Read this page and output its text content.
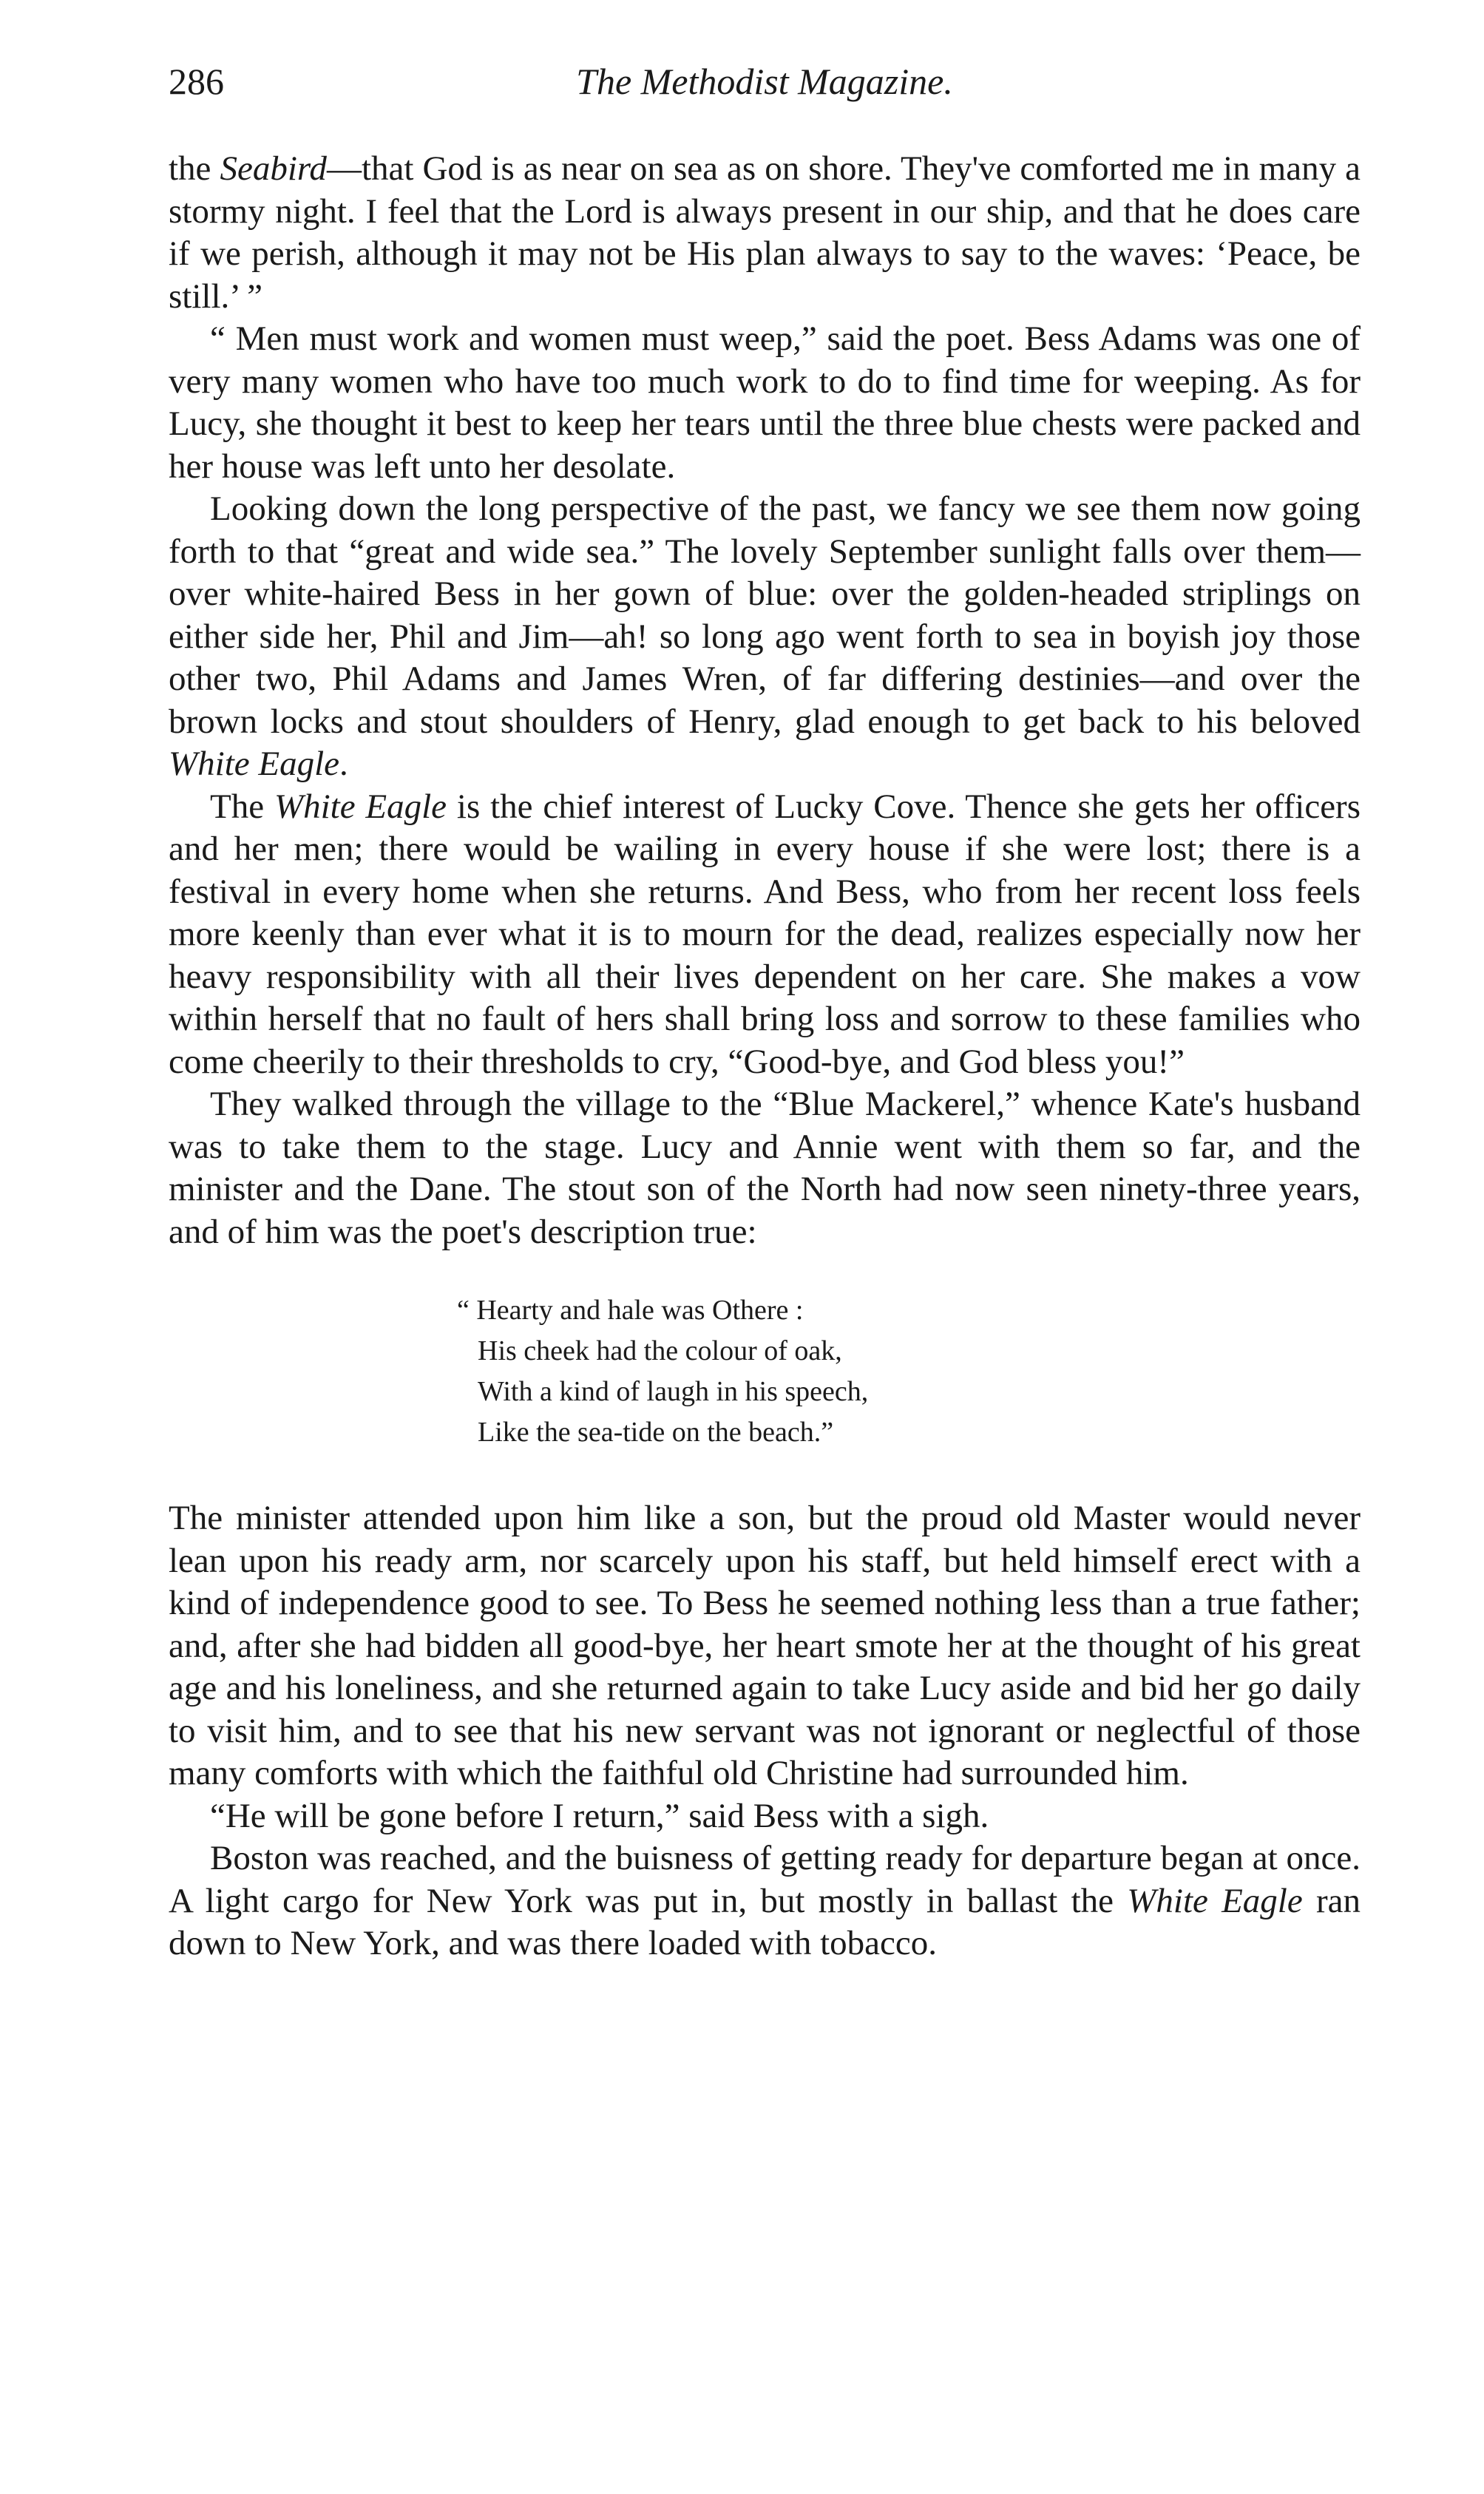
286	The Methodist Magazine.

the Seabird—that God is as near on sea as on shore. They've comforted me in many a stormy night. I feel that the Lord is always present in our ship, and that he does care if we perish, although it may not be His plan always to say to the waves: ‘Peace, be still.’ ”

“ Men must work and women must weep,” said the poet. Bess Adams was one of very many women who have too much work to do to find time for weeping. As for Lucy, she thought it best to keep her tears until the three blue chests were packed and her house was left unto her desolate.

Looking down the long perspective of the past, we fancy we see them now going forth to that “great and wide sea.” The lovely September sunlight falls over them—over white-haired Bess in her gown of blue: over the golden-headed striplings on either side her, Phil and Jim—ah! so long ago went forth to sea in boyish joy those other two, Phil Adams and James Wren, of far differing destinies—and over the brown locks and stout shoulders of Henry, glad enough to get back to his beloved White Eagle.

The White Eagle is the chief interest of Lucky Cove. Thence she gets her officers and her men; there would be wailing in every house if she were lost; there is a festival in every home when she returns. And Bess, who from her recent loss feels more keenly than ever what it is to mourn for the dead, realizes especially now her heavy responsibility with all their lives dependent on her care. She makes a vow within herself that no fault of hers shall bring loss and sorrow to these families who come cheerily to their thresholds to cry, “Good-bye, and God bless you!”

They walked through the village to the “Blue Mackerel,” whence Kate's husband was to take them to the stage. Lucy and Annie went with them so far, and the minister and the Dane. The stout son of the North had now seen ninety-three years, and of him was the poet's description true:

“ Hearty and hale was Othere :
His cheek had the colour of oak,
With a kind of laugh in his speech,
Like the sea-tide on the beach.”

The minister attended upon him like a son, but the proud old Master would never lean upon his ready arm, nor scarcely upon his staff, but held himself erect with a kind of independence good to see. To Bess he seemed nothing less than a true father; and, after she had bidden all good-bye, her heart smote her at the thought of his great age and his loneliness, and she returned again to take Lucy aside and bid her go daily to visit him, and to see that his new servant was not ignorant or neglectful of those many comforts with which the faithful old Christine had surrounded him.

“He will be gone before I return,” said Bess with a sigh.

Boston was reached, and the buisness of getting ready for departure began at once. A light cargo for New York was put in, but mostly in ballast the White Eagle ran down to New York, and was there loaded with tobacco.
